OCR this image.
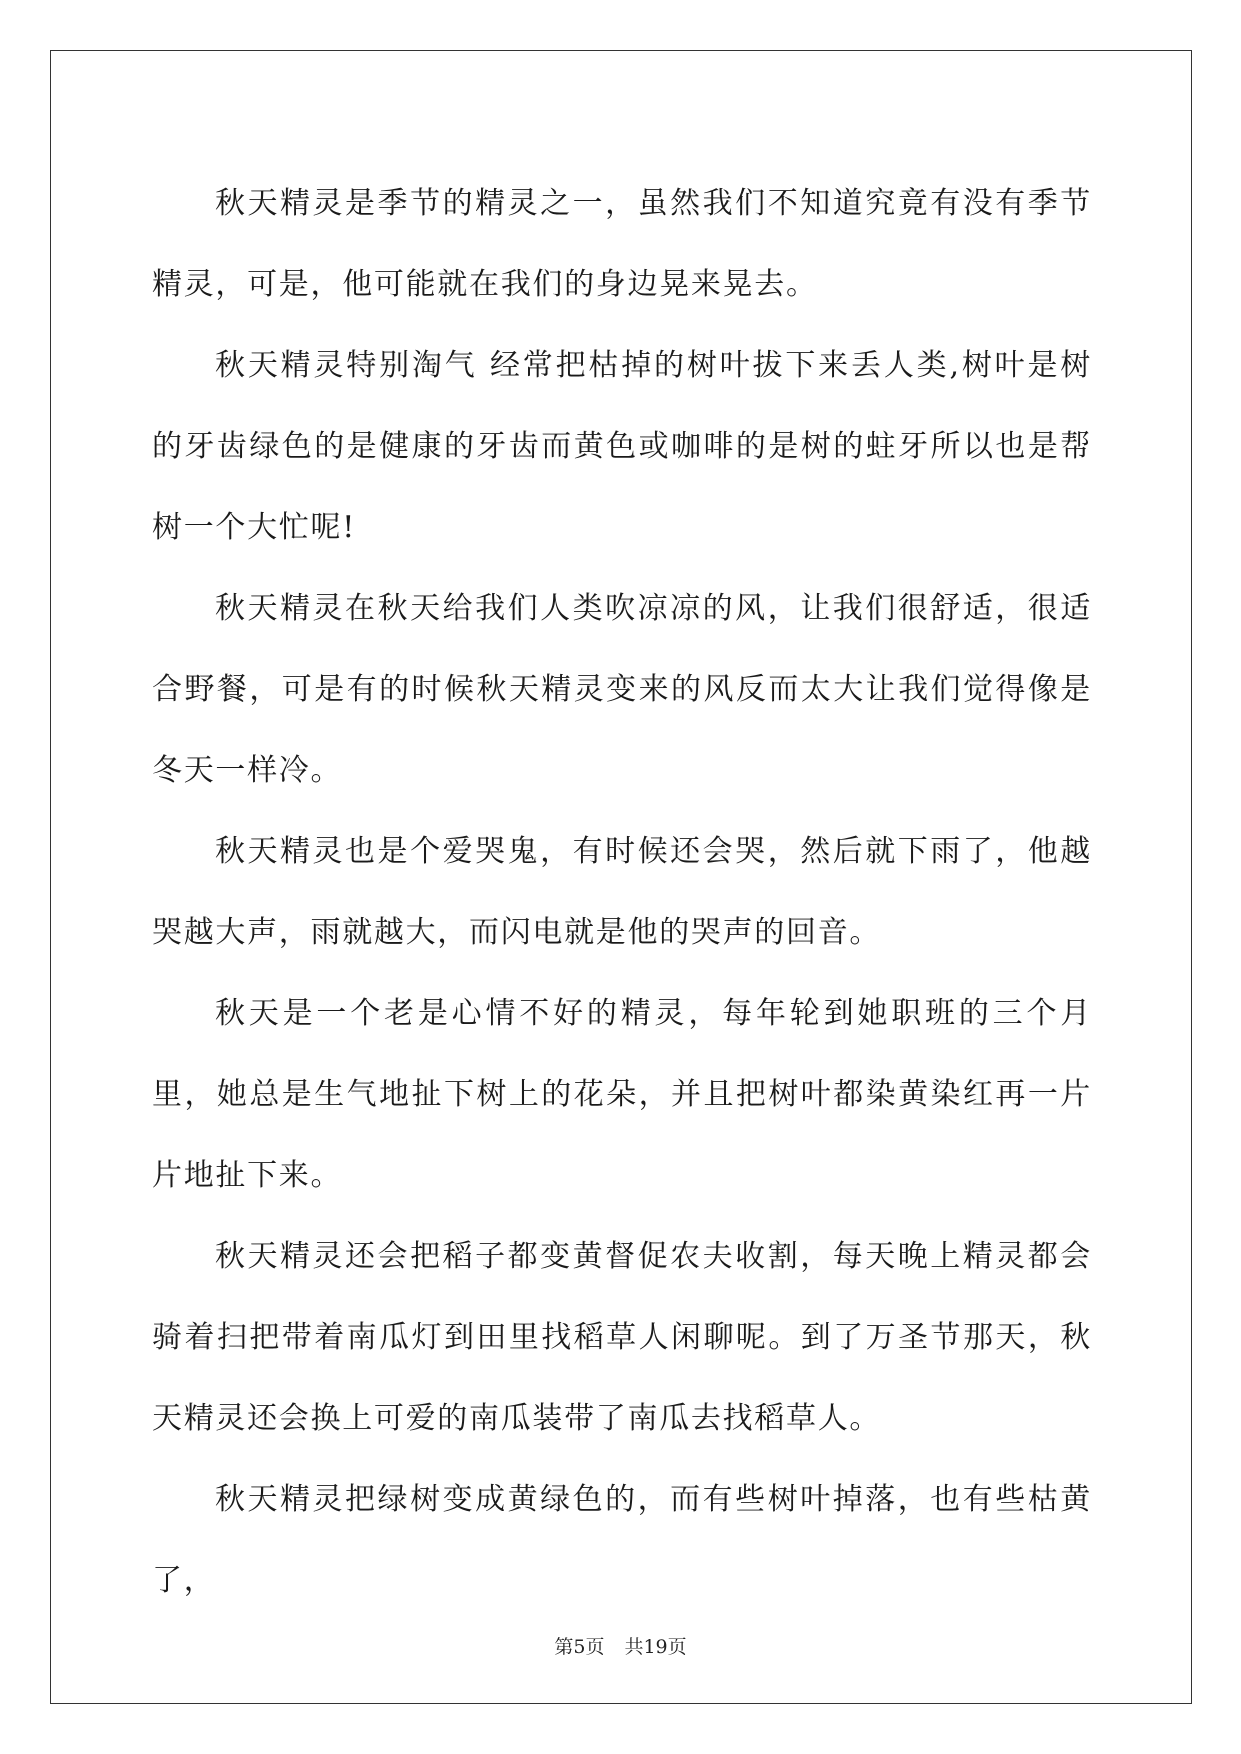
秋天精灵是季节的精灵之一，虽然我们不知道究竟有没有季节精灵，可是，他可能就在我们的身边晃来晃去。

秋天精灵特别淘气 经常把枯掉的树叶拔下来丢人类,树叶是树的牙齿绿色的是健康的牙齿而黄色或咖啡的是树的蛀牙所以也是帮树一个大忙呢!

秋天精灵在秋天给我们人类吹凉凉的风，让我们很舒适，很适合野餐，可是有的时候秋天精灵变来的风反而太大让我们觉得像是冬天一样冷。

秋天精灵也是个爱哭鬼，有时候还会哭，然后就下雨了，他越哭越大声，雨就越大，而闪电就是他的哭声的回音。

秋天是一个老是心情不好的精灵，每年轮到她职班的三个月里，她总是生气地扯下树上的花朵，并且把树叶都染黄染红再一片片地扯下来。

秋天精灵还会把稻子都变黄督促农夫收割，每天晚上精灵都会骑着扫把带着南瓜灯到田里找稻草人闲聊呢。到了万圣节那天，秋天精灵还会换上可爱的南瓜装带了南瓜去找稻草人。

秋天精灵把绿树变成黄绿色的，而有些树叶掉落，也有些枯黄了，

第5页 共19页
